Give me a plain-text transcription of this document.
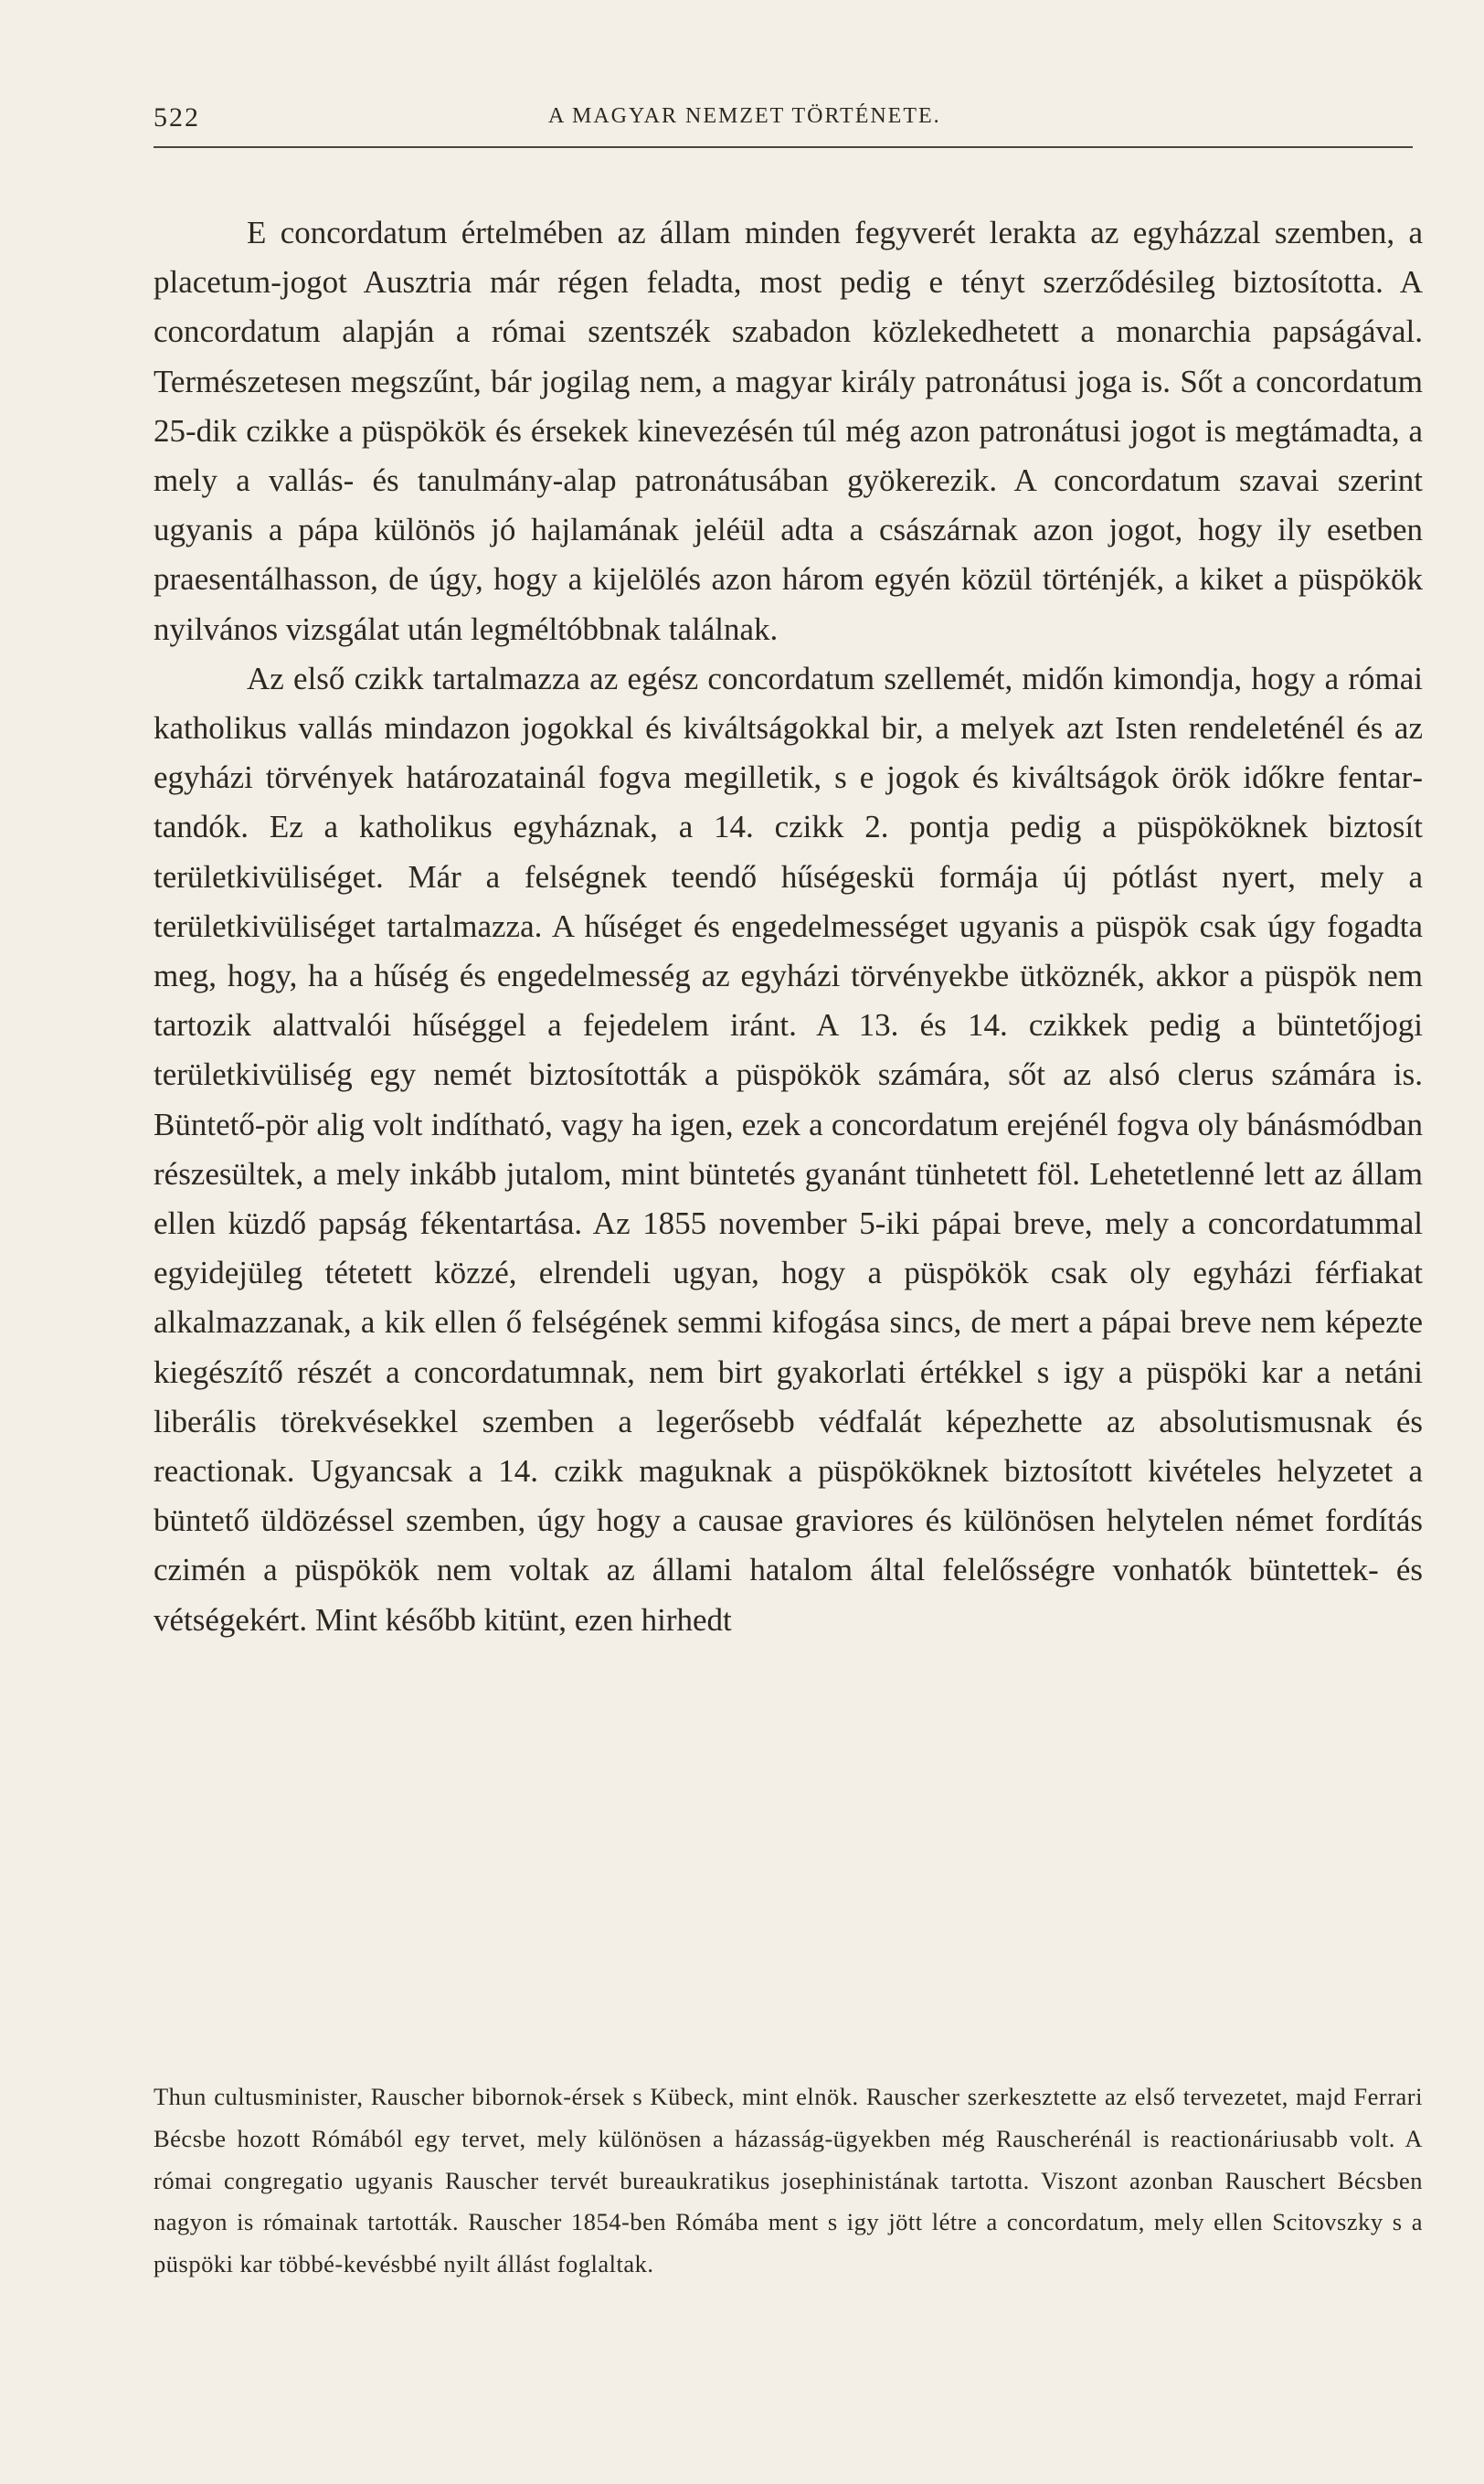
522	A MAGYAR NEMZET TÖRTÉNETE.

E concordatum értelmében az állam minden fegyverét lerakta az egyházzal szemben, a placetum-jogot Ausztria már régen feladta, most pedig e tényt szerződésileg biztosította. A concordatum alapján a római szentszék szabadon közlekedhetett a monarchia papságával. Természetesen megszűnt, bár jogilag nem, a magyar király patronátusi joga is. Sőt a concordatum 25-dik czikke a püspökök és érsekek kinevezésén túl még azon patronátusi jogot is megtámadta, a mely a vallás- és tanulmány-alap patronátusában gyökerezik. A concordatum szavai szerint ugyanis a pápa különös jó hajlamának jeléül adta a császárnak azon jogot, hogy ily esetben praesentálhasson, de úgy, hogy a kijelölés azon három egyén közül történjék, a kiket a püspökök nyilvános vizsgálat után legméltóbbnak találnak.

Az első czikk tartalmazza az egész concordatum szellemét, midőn kimondja, hogy a római katholikus vallás mindazon jogokkal és kiváltságokkal bir, a melyek azt Isten rendeleténél és az egyházi törvények határozatainál fogva megilletik, s e jogok és kiváltságok örök időkre fentartandók. Ez a katholikus egyháznak, a 14. czikk 2. pontja pedig a püspököknek biztosít területkivüliséget. Már a felségnek teendő hűségeskü formája új pótlást nyert, mely a területkivüliséget tartalmazza. A hűséget és engedelmességet ugyanis a püspök csak úgy fogadta meg, hogy, ha a hűség és engedelmesség az egyházi törvényekbe ütköznék, akkor a püspök nem tartozik alattvalói hűséggel a fejedelem iránt. A 13. és 14. czikkek pedig a büntetőjogi területkivüliség egy nemét biztosították a püspökök számára, sőt az alsó clerus számára is. Büntető-pör alig volt indítható, vagy ha igen, ezek a concordatum erejénél fogva oly bánásmódban részesültek, a mely inkább jutalom, mint büntetés gyanánt tünhetett föl. Lehetetlenné lett az állam ellen küzdő papság fékentartása. Az 1855 november 5-iki pápai breve, mely a concordatummal egyidejüleg tétetett közzé, elrendeli ugyan, hogy a püspökök csak oly egyházi férfiakat alkalmazzanak, a kik ellen ő felségének semmi kifogása sincs, de mert a pápai breve nem képezte kiegészítő részét a concordatumnak, nem birt gyakorlati értékkel s igy a püspöki kar a netáni liberális törekvésekkel szemben a legerősebb védfalát képezhette az absolutismusnak és reactionak. Ugyancsak a 14. czikk maguknak a püspököknek biztosított kivételes helyzetet a büntető üldözéssel szemben, úgy hogy a causae graviores és különösen helytelen német fordítás czimén a püspökök nem voltak az állami hatalom által felelősségre vonhatók büntettek- és vétségekért. Mint később kitünt, ezen hirhedt

Thun cultusminister, Rauscher bibornok-érsek s Kübeck, mint elnök. Rauscher szerkesztette az első tervezetet, majd Ferrari Bécsbe hozott Rómából egy tervet, mely különösen a házasság-ügyekben még Rauscherénál is reactionáriusabb volt. A római congregatio ugyanis Rauscher tervét bureaukratikus josephinistának tartotta. Viszont azonban Rauschert Bécsben nagyon is rómainak tartották. Rauscher 1854-ben Rómába ment s igy jött létre a concordatum, mely ellen Scitovszky s a püspöki kar többé-kevésbbé nyilt állást foglaltak.
